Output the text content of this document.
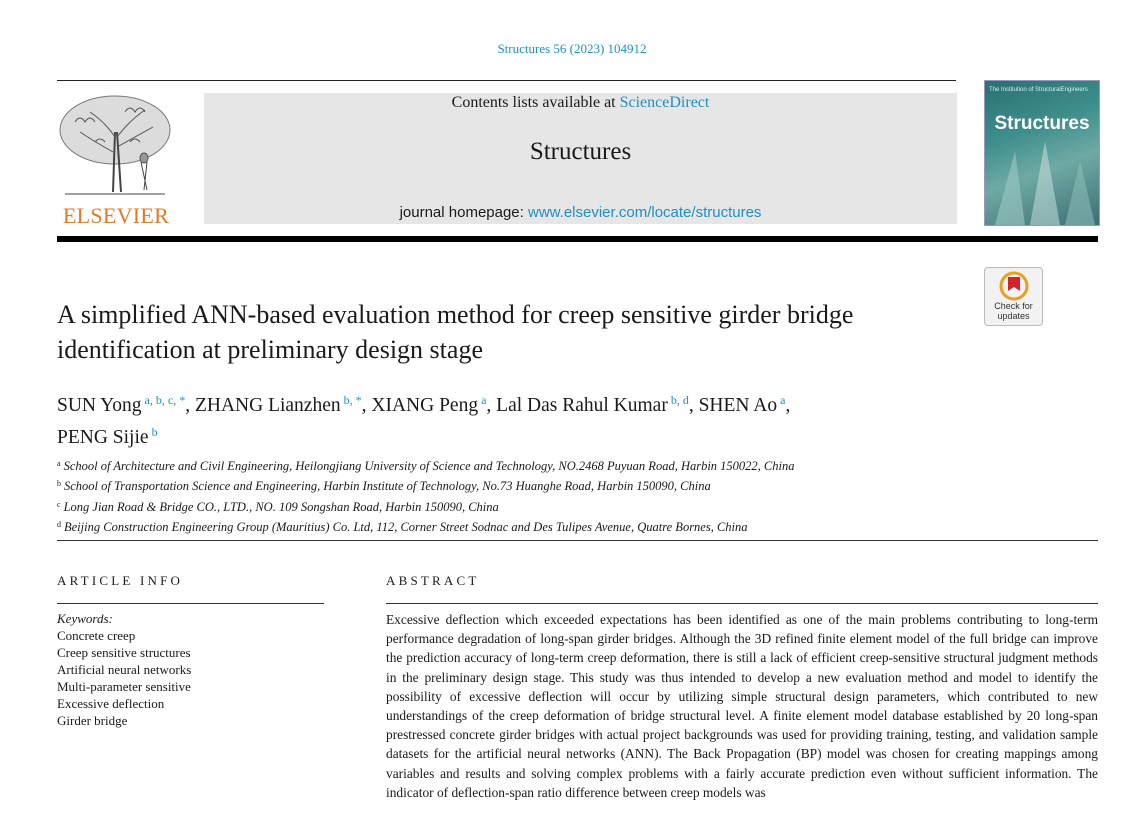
Structures 56 (2023) 104912
ELSEVIER
Contents lists available at ScienceDirect
Structures
journal homepage: www.elsevier.com/locate/structures
The Institution of StructuralEngineers
Structures
Check for updates
A simplified ANN-based evaluation method for creep sensitive girder bridge identification at preliminary design stage
SUN Yong $^{a, b, c, *}$, ZHANG Lianzhen $^{b, *}$, XIANG Peng $^a$, Lal Das Rahul Kumar $^{b, d}$, SHEN Ao $^a$,
PENG Sijie $^b$
$^a$ School of Architecture and Civil Engineering, Heilongjiang University of Science and Technology, NO.2468 Puyuan Road, Harbin 150022, China
$^b$ School of Transportation Science and Engineering, Harbin Institute of Technology, No.73 Huanghe Road, Harbin 150090, China
$^c$ Long Jian Road & Bridge CO., LTD., NO. 109 Songshan Road, Harbin 150090, China
$^d$ Beijing Construction Engineering Group (Mauritius) Co. Ltd, 112, Corner Street Sodnac and Des Tulipes Avenue, Quatre Bornes, China
ARTICLE INFO	ABSTRACT
Keywords:
Concrete creep
Creep sensitive structures
Artificial neural networks
Multi-parameter sensitive
Excessive deflection
Girder bridge
Excessive deflection which exceeded expectations has been identified as one of the main problems contributing to long-term performance degradation of long-span girder bridges. Although the 3D refined finite element model of the full bridge can improve the prediction accuracy of long-term creep deformation, there is still a lack of efficient creep-sensitive structural judgment methods in the preliminary design stage. This study was thus intended to develop a new evaluation method and model to identify the possibility of excessive deflection will occur by utilizing simple structural design parameters, which contributed to new understandings of the creep deformation of bridge structural level. A finite element model database established by 20 long-span prestressed concrete girder bridges with actual project backgrounds was used for providing training, testing, and validation sample datasets for the artificial neural networks (ANN). The Back Propagation (BP) model was chosen for creating mappings among variables and results and solving complex problems with a fairly accurate prediction even without sufficient information. The indicator of deflection-span ratio difference between creep models was
